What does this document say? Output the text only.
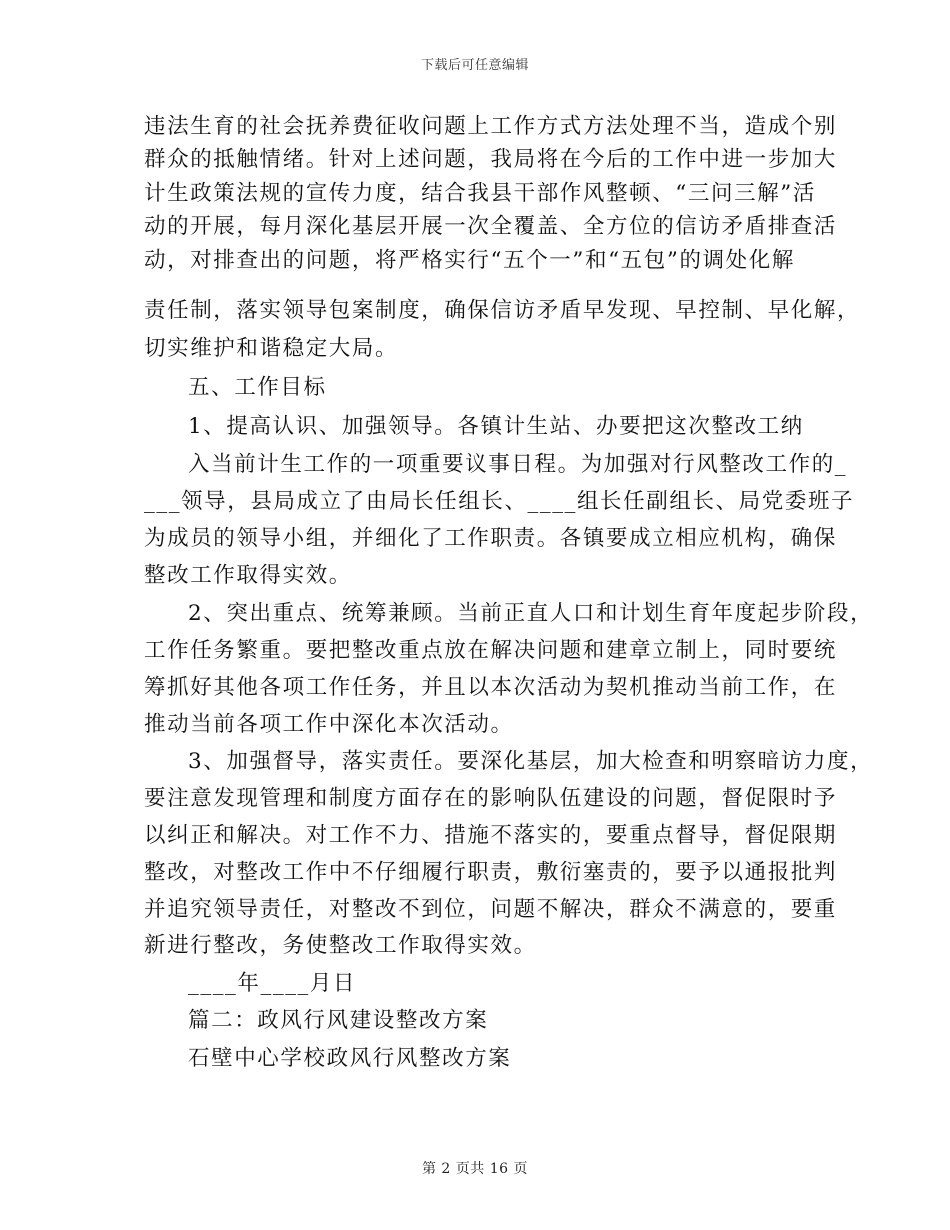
下载后可任意编辑
违法生育的社会抚养费征收问题上工作方式方法处理不当，造成个别
群众的抵触情绪。针对上述问题，我局将在今后的工作中进一步加大
计生政策法规的宣传力度，结合我县干部作风整顿、“三问三解”活
动的开展，每月深化基层开展一次全覆盖、全方位的信访矛盾排查活
动，对排查出的问题，将严格实行“五个一”和“五包”的调处化解
责任制，落实领导包案制度，确保信访矛盾早发现、早控制、早化解，
切实维护和谐稳定大局。
五、工作目标
1、提高认识、加强领导。各镇计生站、办要把这次整改工纳
入当前计生工作的一项重要议事日程。为加强对行风整改工作的_
___领导，县局成立了由局长任组长、____组长任副组长、局党委班子
为成员的领导小组，并细化了工作职责。各镇要成立相应机构，确保
整改工作取得实效。
2、突出重点、统筹兼顾。当前正直人口和计划生育年度起步阶段，
工作任务繁重。要把整改重点放在解决问题和建章立制上，同时要统
筹抓好其他各项工作任务，并且以本次活动为契机推动当前工作，在
推动当前各项工作中深化本次活动。
3、加强督导，落实责任。要深化基层，加大检查和明察暗访力度，
要注意发现管理和制度方面存在的影响队伍建设的问题，督促限时予
以纠正和解决。对工作不力、措施不落实的，要重点督导，督促限期
整改，对整改工作中不仔细履行职责，敷衍塞责的，要予以通报批判
并追究领导责任，对整改不到位，问题不解决，群众不满意的，要重
新进行整改，务使整改工作取得实效。
____年____月日
篇二：政风行风建设整改方案
石壁中心学校政风行风整改方案
第 2 页共 16 页
